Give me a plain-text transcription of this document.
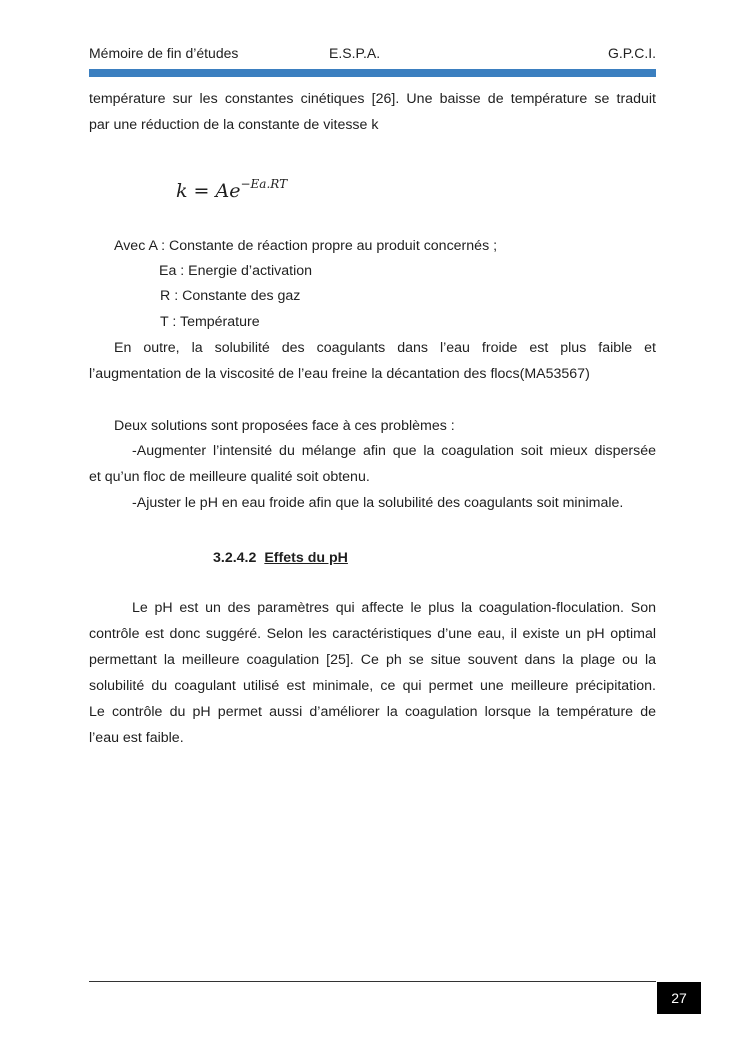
Mémoire de fin d’études	E.S.P.A.	G.P.C.I.
température sur les constantes cinétiques [26]. Une baisse de température se traduit
par une réduction de la constante de vitesse k
$k = Ae^{-Ea.RT}$
Avec A : Constante de réaction propre au produit concernés ;
Ea : Energie d’activation
R : Constante des gaz
T : Température
En outre, la solubilité des coagulants dans l’eau froide est plus faible et
l’augmentation de la viscosité de l’eau freine la décantation des flocs(MA53567)
Deux solutions sont proposées face à ces problèmes :
-Augmenter l’intensité du mélange afin que la coagulation soit mieux dispersée
et qu’un floc de meilleure qualité soit obtenu.
-Ajuster le pH en eau froide afin que la solubilité des coagulants soit minimale.
3.2.4.2 Effets du pH
Le pH est un des paramètres qui affecte le plus la coagulation-floculation. Son
contrôle est donc suggéré. Selon les caractéristiques d’une eau, il existe un pH optimal
permettant la meilleure coagulation [25]. Ce ph se situe souvent dans la plage ou la
solubilité du coagulant utilisé est minimale, ce qui permet une meilleure précipitation.
Le contrôle du pH permet aussi d’améliorer la coagulation lorsque la température de
l’eau est faible.
27
